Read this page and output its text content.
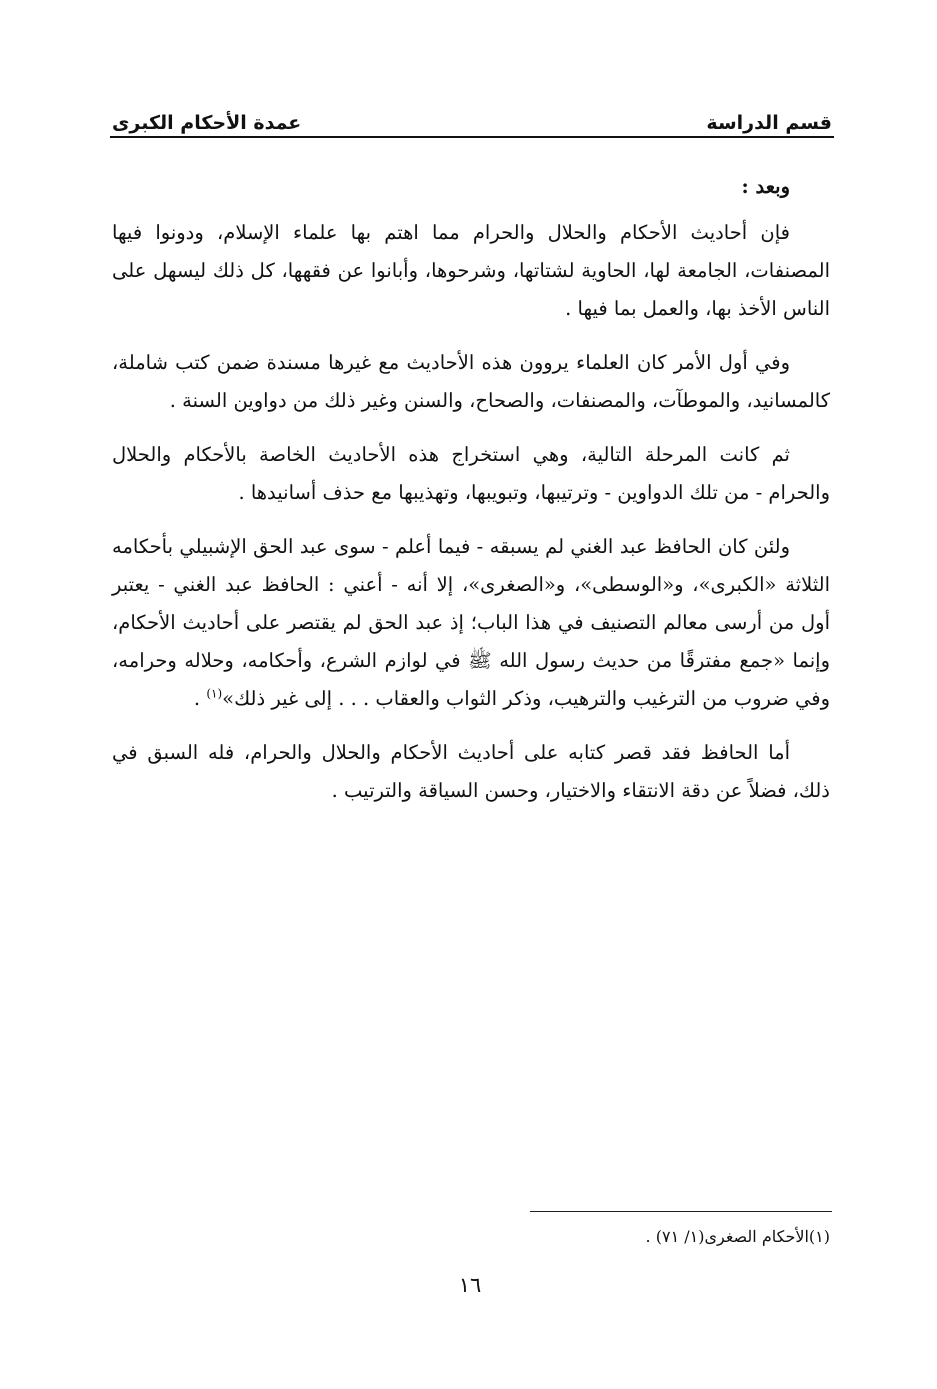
قسم الدراسة
عمدة الأحكام الكبرى

وبعد :

فإن أحاديث الأحكام والحلال والحرام مما اهتم بها علماء الإسلام، ودونوا فيها المصنفات، الجامعة لها، الحاوية لشتاتها، وشرحوها، وأبانوا عن فقهها، كل ذلك ليسهل على الناس الأخذ بها، والعمل بما فيها .

وفي أول الأمر كان العلماء يروون هذه الأحاديث مع غيرها مسندة ضمن كتب شاملة، كالمسانيد، والموطآت، والمصنفات، والصحاح، والسنن وغير ذلك من دواوين السنة .

ثم كانت المرحلة التالية، وهي استخراج هذه الأحاديث الخاصة بالأحكام والحلال والحرام - من تلك الدواوين - وترتيبها، وتبويبها، وتهذيبها مع حذف أسانيدها .

ولئن كان الحافظ عبد الغني لم يسبقه - فيما أعلم - سوى عبد الحق الإشبيلي بأحكامه الثلاثة «الكبرى»، و«الوسطى»، و«الصغرى»، إلا أنه - أعني : الحافظ عبد الغني - يعتبر أول من أرسى معالم التصنيف في هذا الباب؛ إذ عبد الحق لم يقتصر على أحاديث الأحكام، وإنما «جمع مفترقًا من حديث رسول الله ﷺ في لوازم الشرع، وأحكامه، وحلاله وحرامه، وفي ضروب من الترغيب والترهيب، وذكر الثواب والعقاب . . . إلى غير ذلك»$^{(١)}$ .

أما الحافظ فقد قصر كتابه على أحاديث الأحكام والحلال والحرام، فله السبق في ذلك، فضلاً عن دقة الانتقاء والاختيار، وحسن السياقة والترتيب .

(١)الأحكام الصغرى(١/ ٧١) .
١٦
